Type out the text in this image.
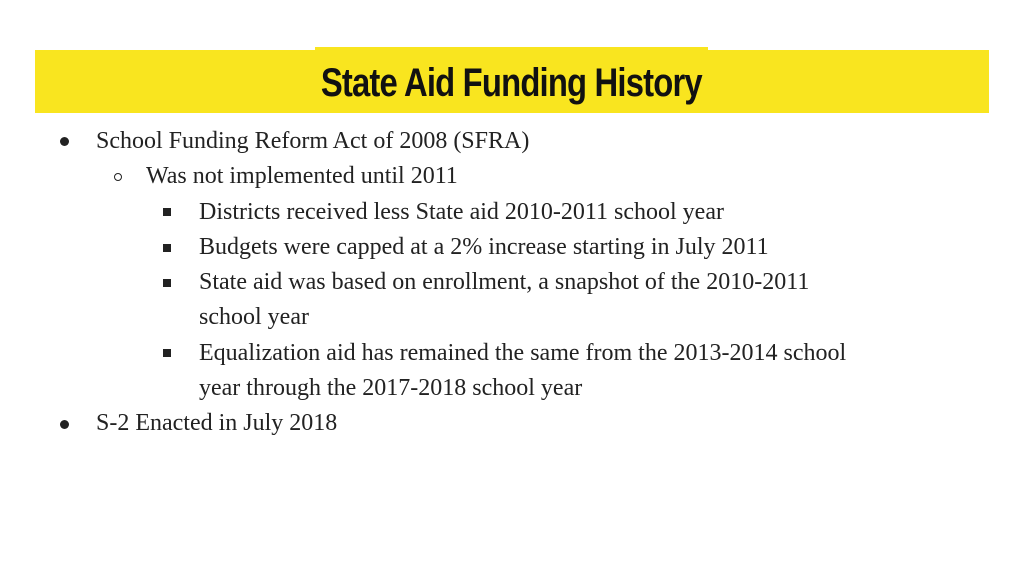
State Aid Funding History
School Funding Reform Act of 2008 (SFRA)
Was not implemented until 2011
Districts received less State aid 2010-2011 school year
Budgets were capped at a 2% increase starting in July 2011
State aid was based on enrollment, a snapshot of the 2010-2011
school year
Equalization aid has remained the same from the 2013-2014 school
year through the 2017-2018 school year
S-2 Enacted in July 2018
